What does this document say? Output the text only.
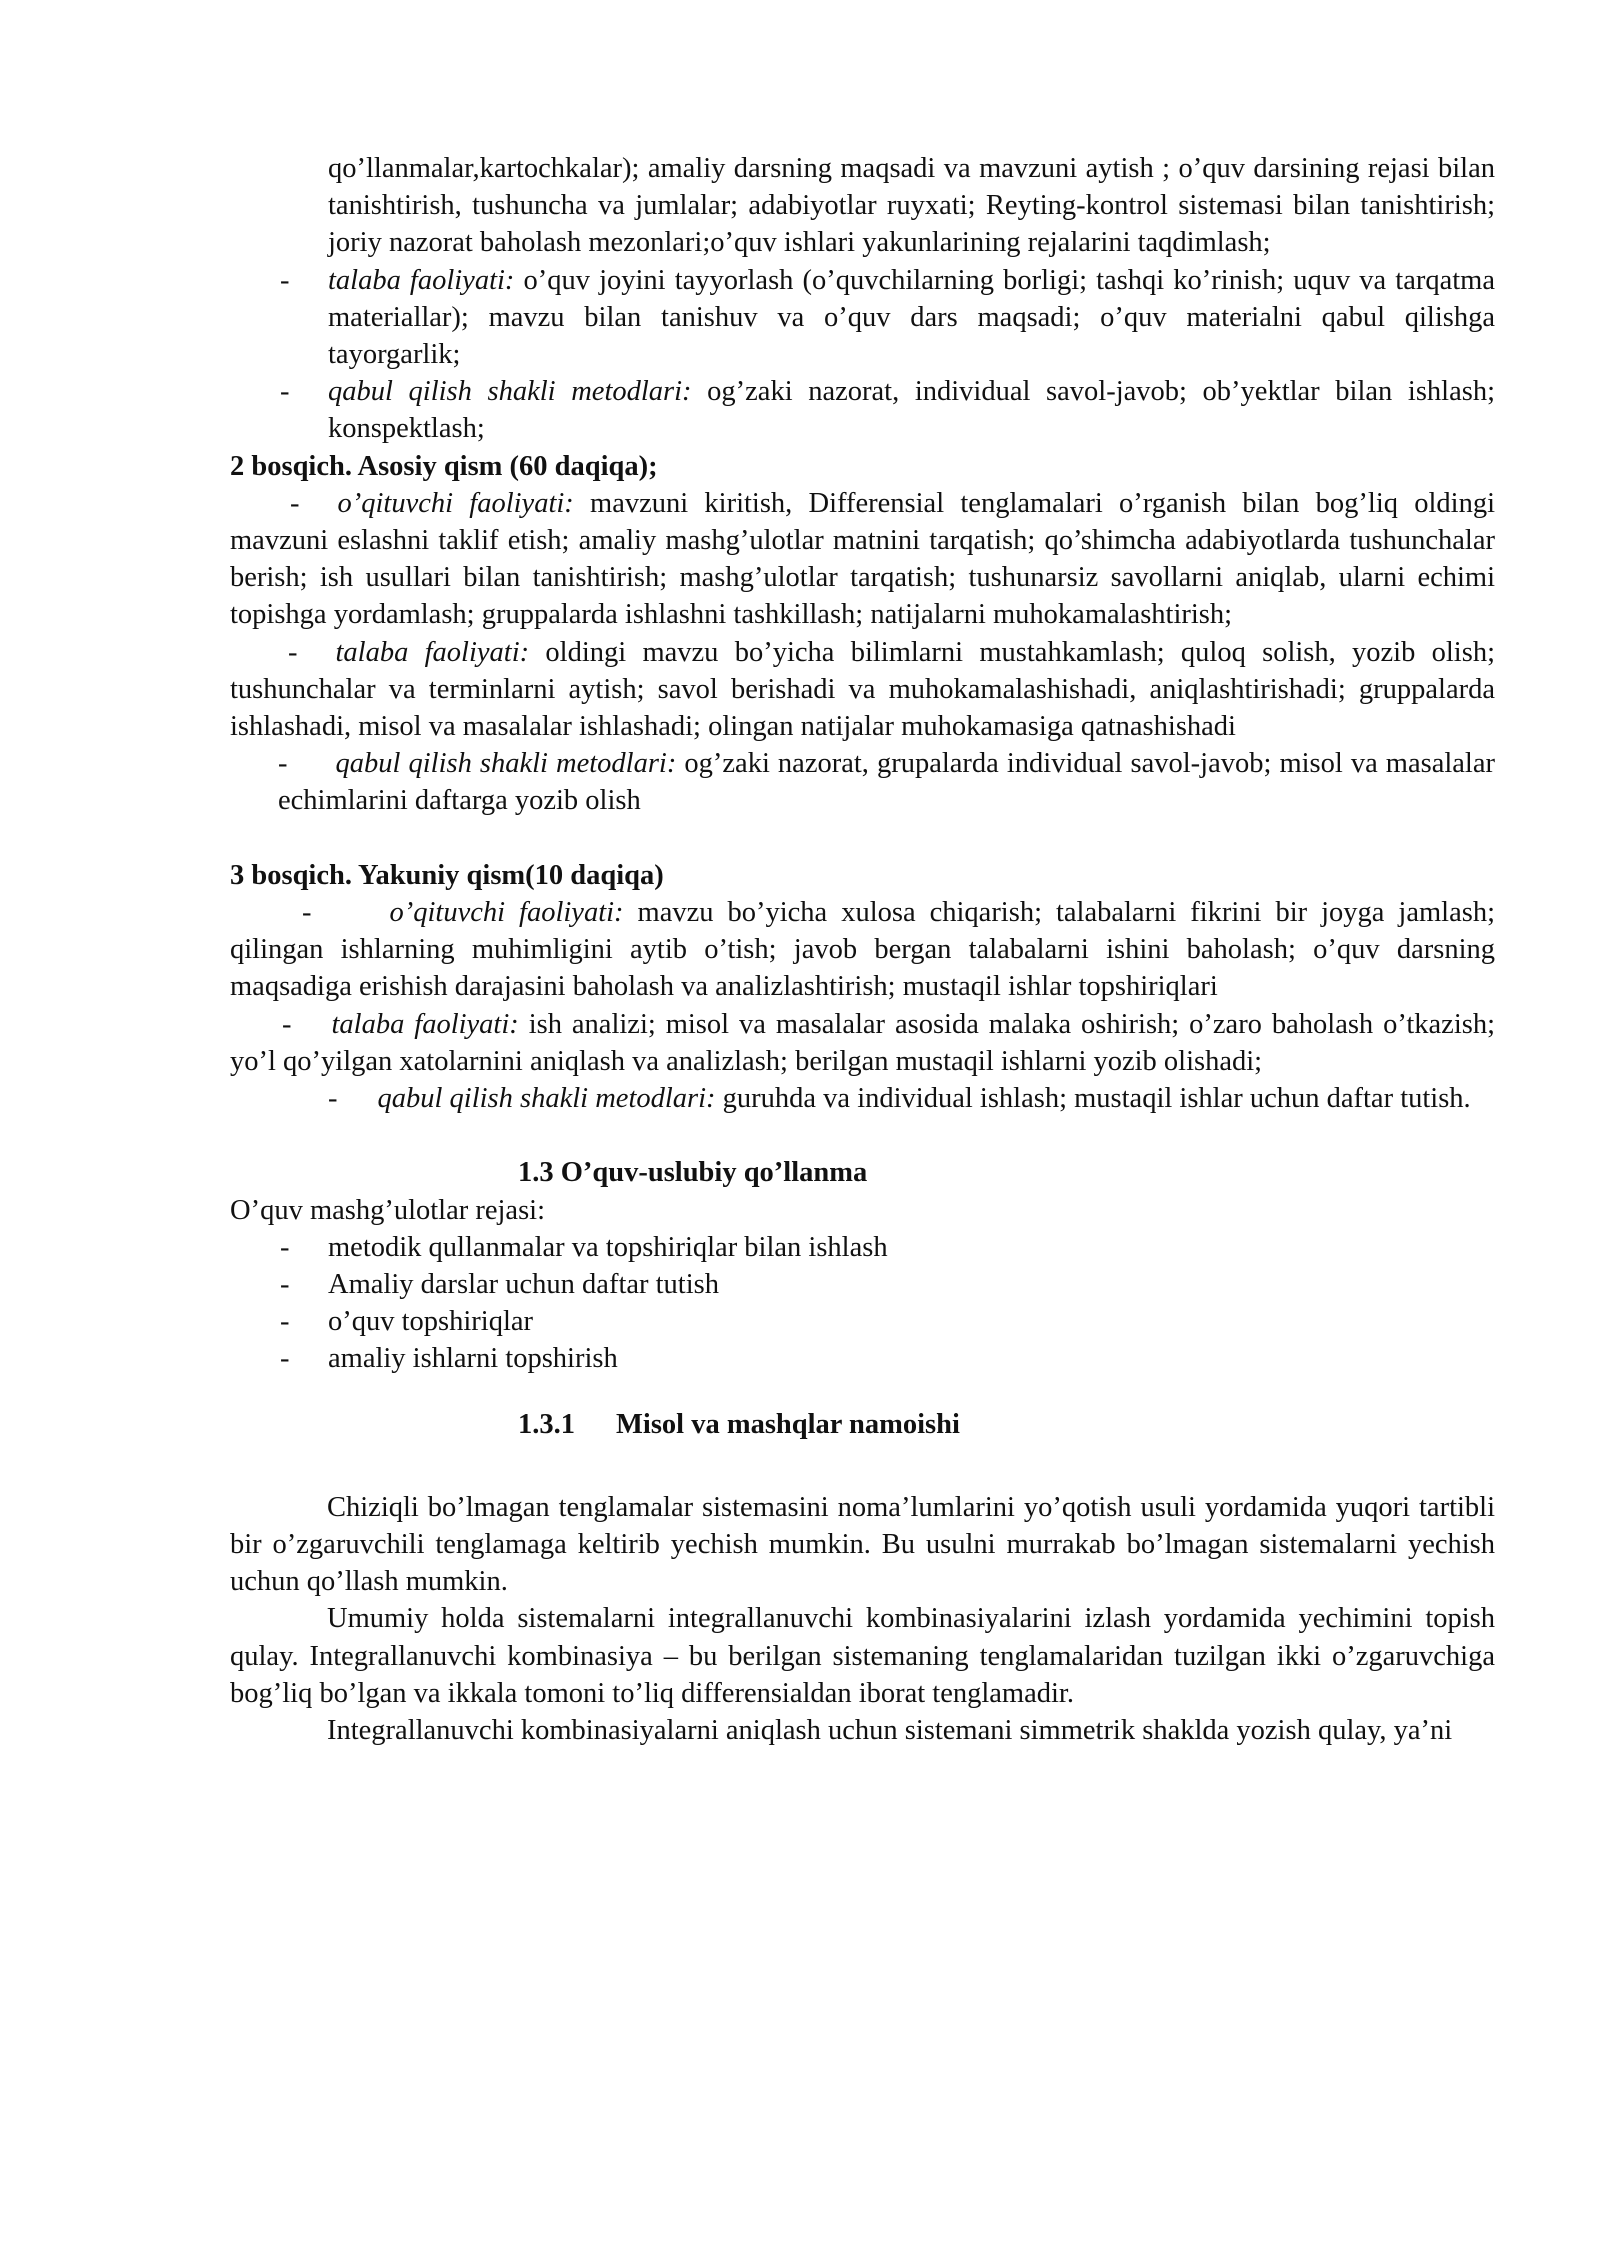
qo’llanmalar,kartochkalar); amaliy darsning maqsadi va mavzuni aytish ; o’quv darsining rejasi bilan tanishtirish, tushuncha va jumlalar; adabiyotlar ruyxati; Reyting-kontrol sistemasi bilan tanishtirish; joriy nazorat baholash mezonlari;o’quv ishlari yakunlarining rejalarini taqdimlash;

- talaba faoliyati: o’quv joyini tayyorlash (o’quvchilarning borligi; tashqi ko’rinish; uquv va tarqatma materiallar); mavzu bilan tanishuv va o’quv dars maqsadi; o’quv materialni qabul qilishga tayorgarlik;

- qabul qilish shakli metodlari: og’zaki nazorat, individual savol-javob; ob’yektlar bilan ishlash; konspektlash;

2 bosqich. Asosiy qism (60 daqiqa);

- o’qituvchi faoliyati: mavzuni kiritish, Differensial tenglamalari o’rganish bilan bog’liq oldingi mavzuni eslashni taklif etish; amaliy mashg’ulotlar matnini tarqatish; qo’shimcha adabiyotlarda tushunchalar berish; ish usullari bilan tanishtirish; mashg’ulotlar tarqatish; tushunarsiz savollarni aniqlab, ularni echimi topishga yordamlash; gruppalarda ishlashni tashkillash; natijalarni muhokamalashtirish;

- talaba faoliyati: oldingi mavzu bo’yicha bilimlarni mustahkamlash; quloq solish, yozib olish; tushunchalar va terminlarni aytish; savol berishadi va muhokamalashishadi, aniqlashtirishadi; gruppalarda ishlashadi, misol va masalalar ishlashadi; olingan natijalar muhokamasiga qatnashishadi

- qabul qilish shakli metodlari: og’zaki nazorat, grupalarda individual savol-javob; misol va masalalar echimlarini daftarga yozib olish

3 bosqich. Yakuniy qism(10 daqiqa)

-	o’qituvchi faoliyati: mavzu bo’yicha xulosa chiqarish; talabalarni fikrini bir joyga jamlash; qilingan ishlarning muhimligini aytib o’tish; javob bergan talabalarni ishini baholash; o’quv darsning maqsadiga erishish darajasini baholash va analizlashtirish; mustaqil ishlar topshiriqlari

- talaba faoliyati: ish analizi; misol va masalalar asosida malaka oshirish; o’zaro baholash o’tkazish; yo’l qo’yilgan xatolarnini aniqlash va analizlash; berilgan mustaqil ishlarni yozib olishadi;

- qabul qilish shakli metodlari: guruhda va individual ishlash; mustaqil ishlar uchun daftar tutish.

1.3 O’quv-uslubiy qo’llanma

O’quv mashg’ulotlar rejasi:

- metodik qullanmalar va topshiriqlar bilan ishlash

- Amaliy darslar uchun daftar tutish

- o’quv topshiriqlar

- amaliy ishlarni topshirish

1.3.1 Misol va mashqlar namoishi

Chiziqli bo’lmagan tenglamalar sistemasini noma’lumlarini yo’qotish usuli yordamida yuqori tartibli bir o’zgaruvchili tenglamaga keltirib yechish mumkin. Bu usulni murrakab bo’lmagan sistemalarni yechish uchun qo’llash mumkin.

Umumiy holda sistemalarni integrallanuvchi kombinasiyalarini izlash yordamida yechimini topish qulay. Integrallanuvchi kombinasiya – bu berilgan sistemaning tenglamalaridan tuzilgan ikki o’zgaruvchiga bog’liq bo’lgan va ikkala tomoni to’liq differensialdan iborat tenglamadir.

Integrallanuvchi kombinasiyalarni aniqlash uchun sistemani simmetrik shaklda yozish qulay, ya’ni
